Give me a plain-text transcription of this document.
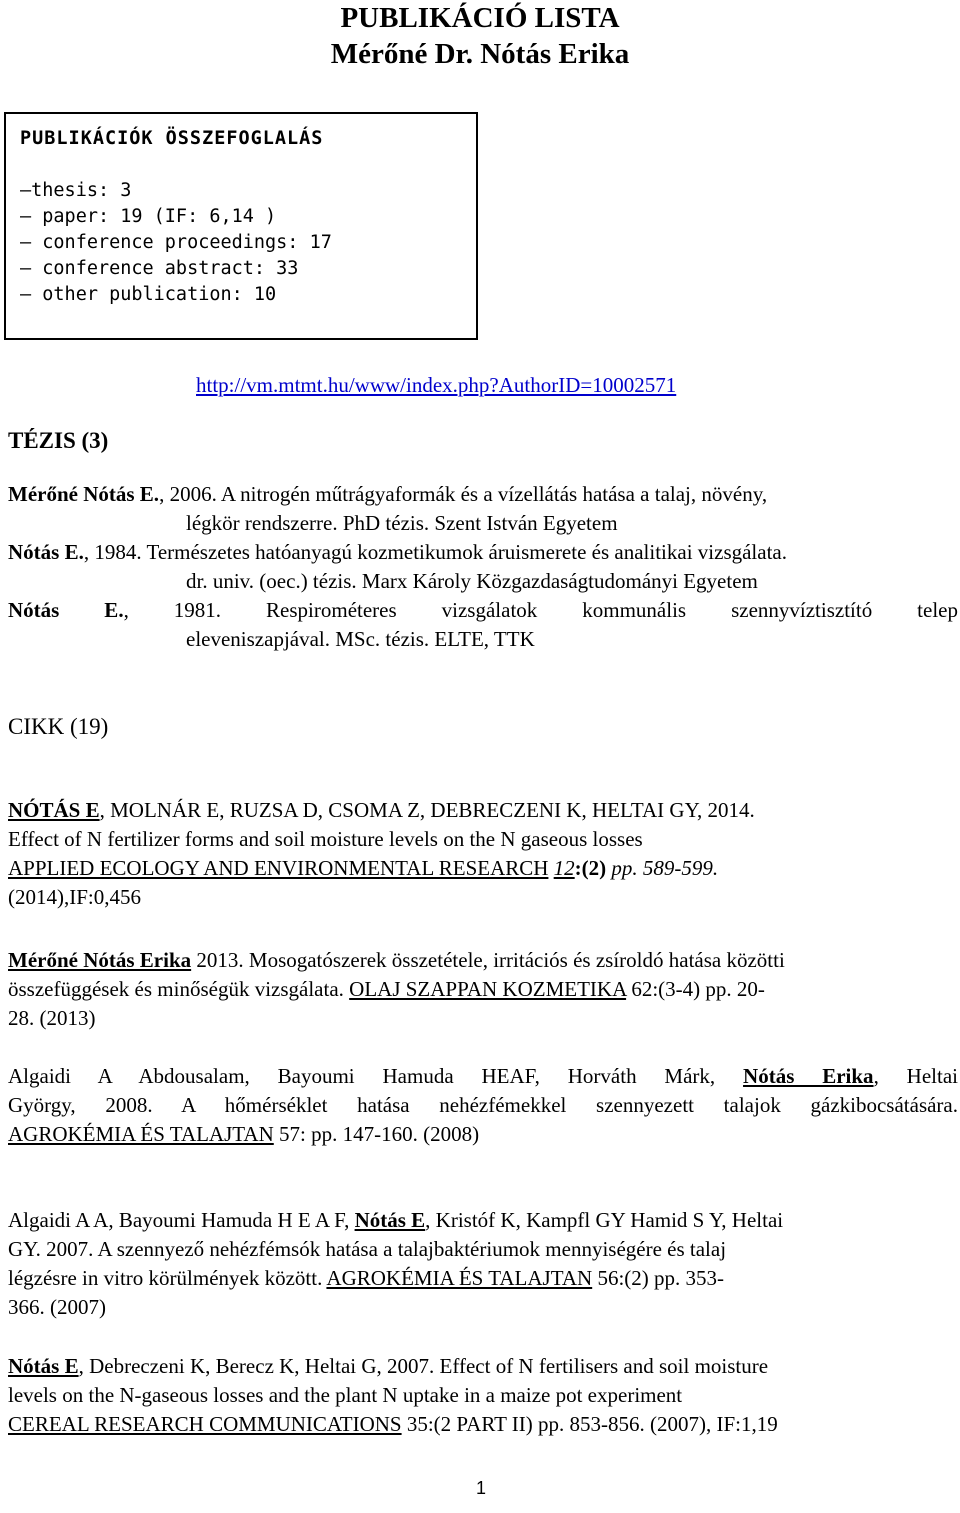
PUBLIKÁCIÓ LISTA
Mérőné Dr. Nótás Erika
PUBLIKÁCIÓK ÖSSZEFOGLALÁS
–thesis: 3
– paper: 19 (IF: 6,14 )
– conference proceedings: 17
– conference abstract: 33
– other publication: 10
http://vm.mtmt.hu/www/index.php?AuthorID=10002571
TÉZIS (3)
Mérőné Nótás E., 2006. A nitrogén műtrágyaformák és a vízellátás hatása a talaj, növény,
légkör rendszerre. PhD tézis. Szent István Egyetem
Nótás E., 1984. Természetes hatóanyagú kozmetikumok áruismerete és analitikai vizsgálata.
dr. univ. (oec.) tézis. Marx Károly Közgazdaságtudományi Egyetem
Nótás E., 1981. Respirométeres vizsgálatok kommunális szennyvíztisztító telep
eleveniszapjával. MSc. tézis. ELTE, TTK
CIKK (19)
NÓTÁS E, MOLNÁR E, RUZSA D, CSOMA Z, DEBRECZENI K, HELTAI GY, 2014.
Effect of N fertilizer forms and soil moisture levels on the N gaseous losses
APPLIED ECOLOGY AND ENVIRONMENTAL RESEARCH 12:(2) pp. 589-599.
(2014),IF:0,456
Mérőné Nótás Erika 2013. Mosogatószerek összetétele, irritációs és zsíroldó hatása közötti
összefüggések és minőségük vizsgálata. OLAJ SZAPPAN KOZMETIKA 62:(3-4) pp. 20-
28. (2013)
Algaidi A Abdousalam, Bayoumi Hamuda HEAF, Horváth Márk, Nótás Erika, Heltai
György, 2008. A hőmérséklet hatása nehézfémekkel szennyezett talajok gázkibocsátására.
AGROKÉMIA ÉS TALAJTAN 57: pp. 147-160. (2008)
Algaidi A A, Bayoumi Hamuda H E A F, Nótás E, Kristóf K, Kampfl GY Hamid S Y, Heltai
GY. 2007. A szennyező nehézfémsók hatása a talajbaktériumok mennyiségére és talaj
légzésre in vitro körülmények között. AGROKÉMIA ÉS TALAJTAN 56:(2) pp. 353-
366. (2007)
Nótás E, Debreczeni K, Berecz K, Heltai G, 2007. Effect of N fertilisers and soil moisture
levels on the N-gaseous losses and the plant N uptake in a maize pot experiment
CEREAL RESEARCH COMMUNICATIONS 35:(2 PART II) pp. 853-856. (2007), IF:1,19
1
